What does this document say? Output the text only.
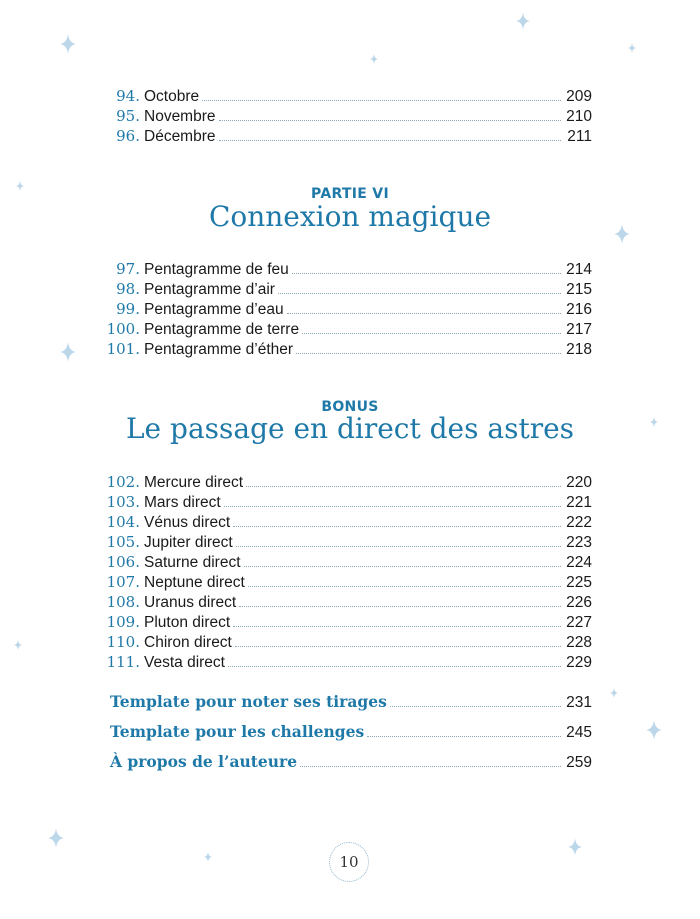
94. Octobre	209
95. Novembre	210
96. Décembre	211
PARTIE VI
Connexion magique
97. Pentagramme de feu	214
98. Pentagramme d’air	215
99. Pentagramme d’eau	216
100. Pentagramme de terre	217
101. Pentagramme d’éther	218
BONUS
Le passage en direct des astres
102. Mercure direct	220
103. Mars direct	221
104. Vénus direct	222
105. Jupiter direct	223
106. Saturne direct	224
107. Neptune direct	225
108. Uranus direct	226
109. Pluton direct	227
110. Chiron direct	228
111. Vesta direct	229
Template pour noter ses tirages	231
Template pour les challenges	245
À propos de l’auteure	259
10
